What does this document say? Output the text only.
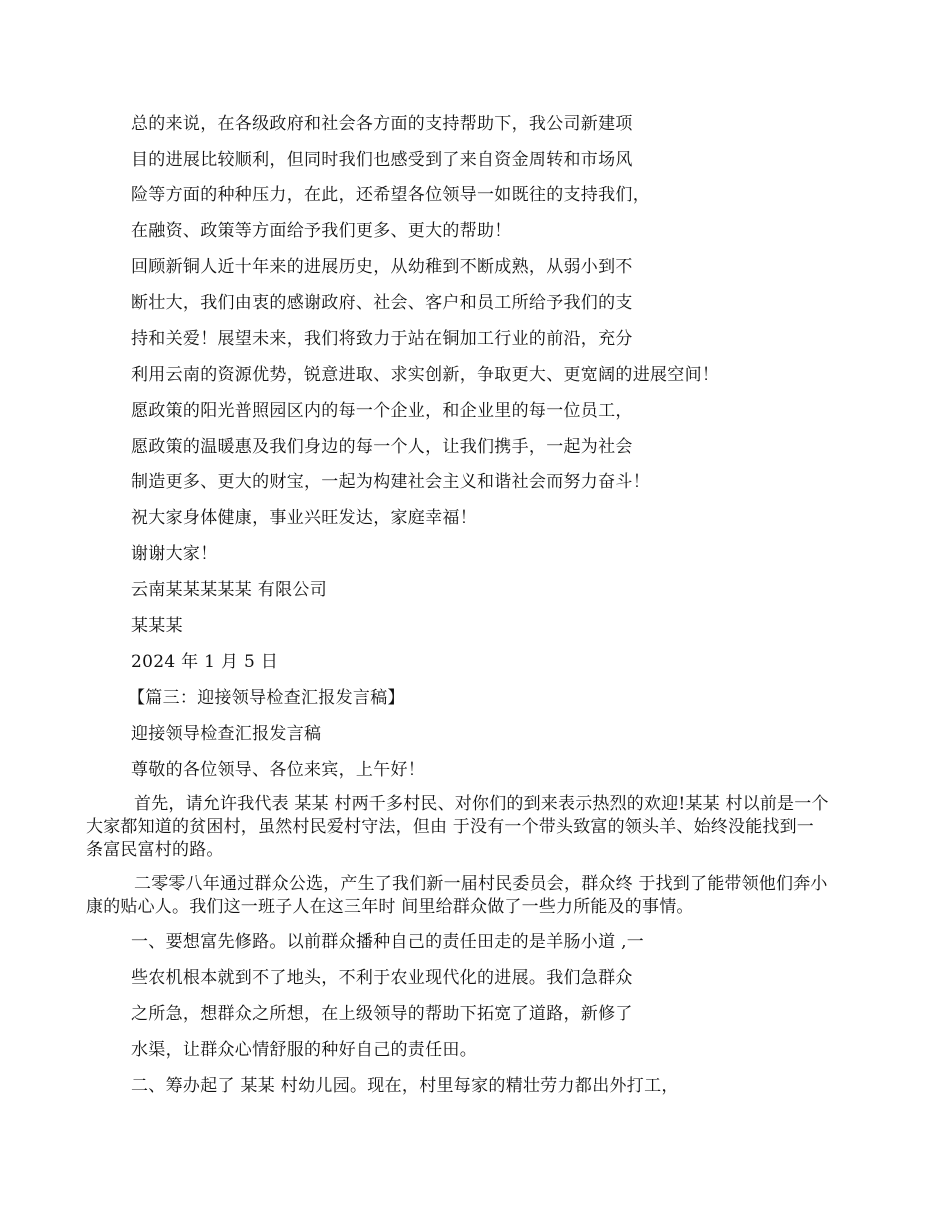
总的来说，在各级政府和社会各方面的支持帮助下，我公司新建项
目的进展比较顺利，但同时我们也感受到了来自资金周转和市场风
险等方面的种种压力，在此，还希望各位领导一如既往的支持我们，
在融资、政策等方面给予我们更多、更大的帮助！
回顾新铜人近十年来的进展历史，从幼稚到不断成熟，从弱小到不
断壮大，我们由衷的感谢政府、社会、客户和员工所给予我们的支
持和关爱！展望未来，我们将致力于站在铜加工行业的前沿，充分
利用云南的资源优势，锐意进取、求实创新，争取更大、更宽阔的进展空间！
愿政策的阳光普照园区内的每一个企业，和企业里的每一位员工，
愿政策的温暖惠及我们身边的每一个人，让我们携手，一起为社会
制造更多、更大的财宝，一起为构建社会主义和谐社会而努力奋斗！
祝大家身体健康，事业兴旺发达，家庭幸福！
谢谢大家！
云南某某某某某 有限公司
某某某
2024 年 1 月 5 日
【篇三：迎接领导检查汇报发言稿】
迎接领导检查汇报发言稿
尊敬的各位领导、各位来宾，上午好！
首先，请允许我代表 某某 村两千多村民、对你们的到来表示热烈的欢迎!某某 村以前是一个大家都知道的贫困村，虽然村民爱村守法，但由 于没有一个带头致富的领头羊、始终没能找到一条富民富村的路。
二零零八年通过群众公选，产生了我们新一届村民委员会，群众终 于找到了能带领他们奔小康的贴心人。我们这一班子人在这三年时 间里给群众做了一些力所能及的事情。
一、要想富先修路。以前群众播种自己的责任田走的是羊肠小道 ,一
些农机根本就到不了地头，不利于农业现代化的进展。我们急群众
之所急，想群众之所想，在上级领导的帮助下拓宽了道路，新修了
水渠，让群众心情舒服的种好自己的责任田。
二、筹办起了 某某 村幼儿园。现在，村里每家的精壮劳力都出外打工，
